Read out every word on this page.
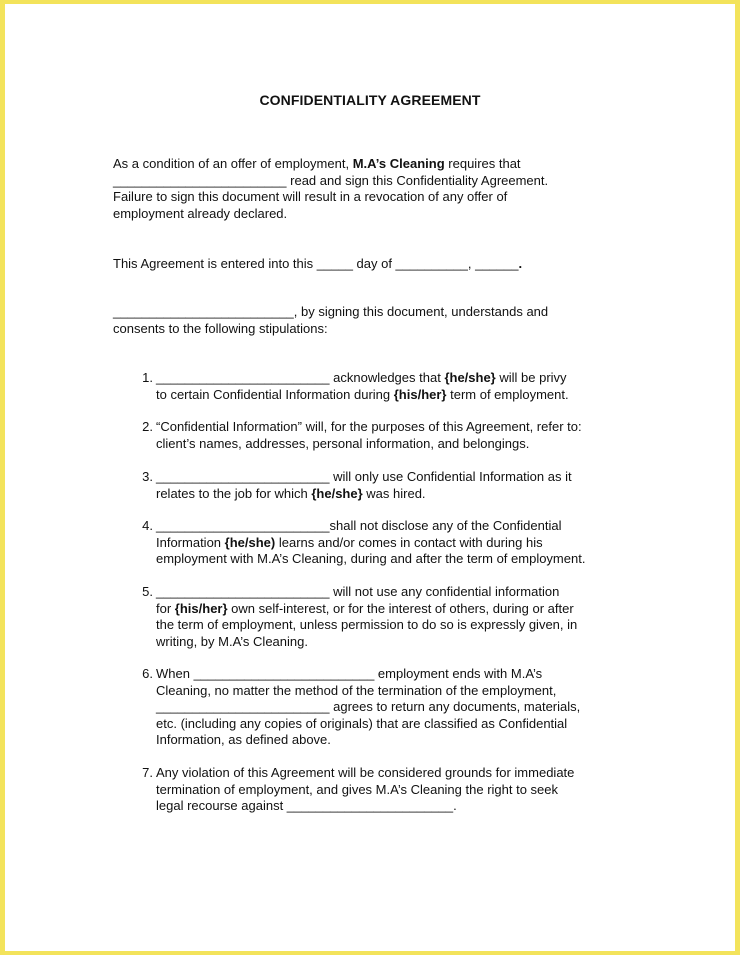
CONFIDENTIALITY AGREEMENT
As a condition of an offer of employment, M.A’s Cleaning requires that
________________________ read and sign this Confidentiality Agreement.
Failure to sign this document will result in a revocation of any offer of
employment already declared.
This Agreement is entered into this _____ day of __________, ______.
_________________________, by signing this document, understands and
consents to the following stipulations:
1. ________________________ acknowledges that {he/she} will be privy
to certain Confidential Information during {his/her} term of employment.
2. “Confidential Information” will, for the purposes of this Agreement, refer to:
client’s names, addresses, personal information, and belongings.
3. ________________________ will only use Confidential Information as it
relates to the job for which {he/she} was hired.
4. ________________________shall not disclose any of the Confidential
Information {he/she) learns and/or comes in contact with during his
employment with M.A’s Cleaning, during and after the term of employment.
5. ________________________ will not use any confidential information
for {his/her} own self-interest, or for the interest of others, during or after
the term of employment, unless permission to do so is expressly given, in
writing, by M.A’s Cleaning.
6. When _________________________ employment ends with M.A’s
Cleaning, no matter the method of the termination of the employment,
________________________ agrees to return any documents, materials,
etc. (including any copies of originals) that are classified as Confidential
Information, as defined above.
7. Any violation of this Agreement will be considered grounds for immediate
termination of employment, and gives M.A’s Cleaning the right to seek
legal recourse against _______________________.
